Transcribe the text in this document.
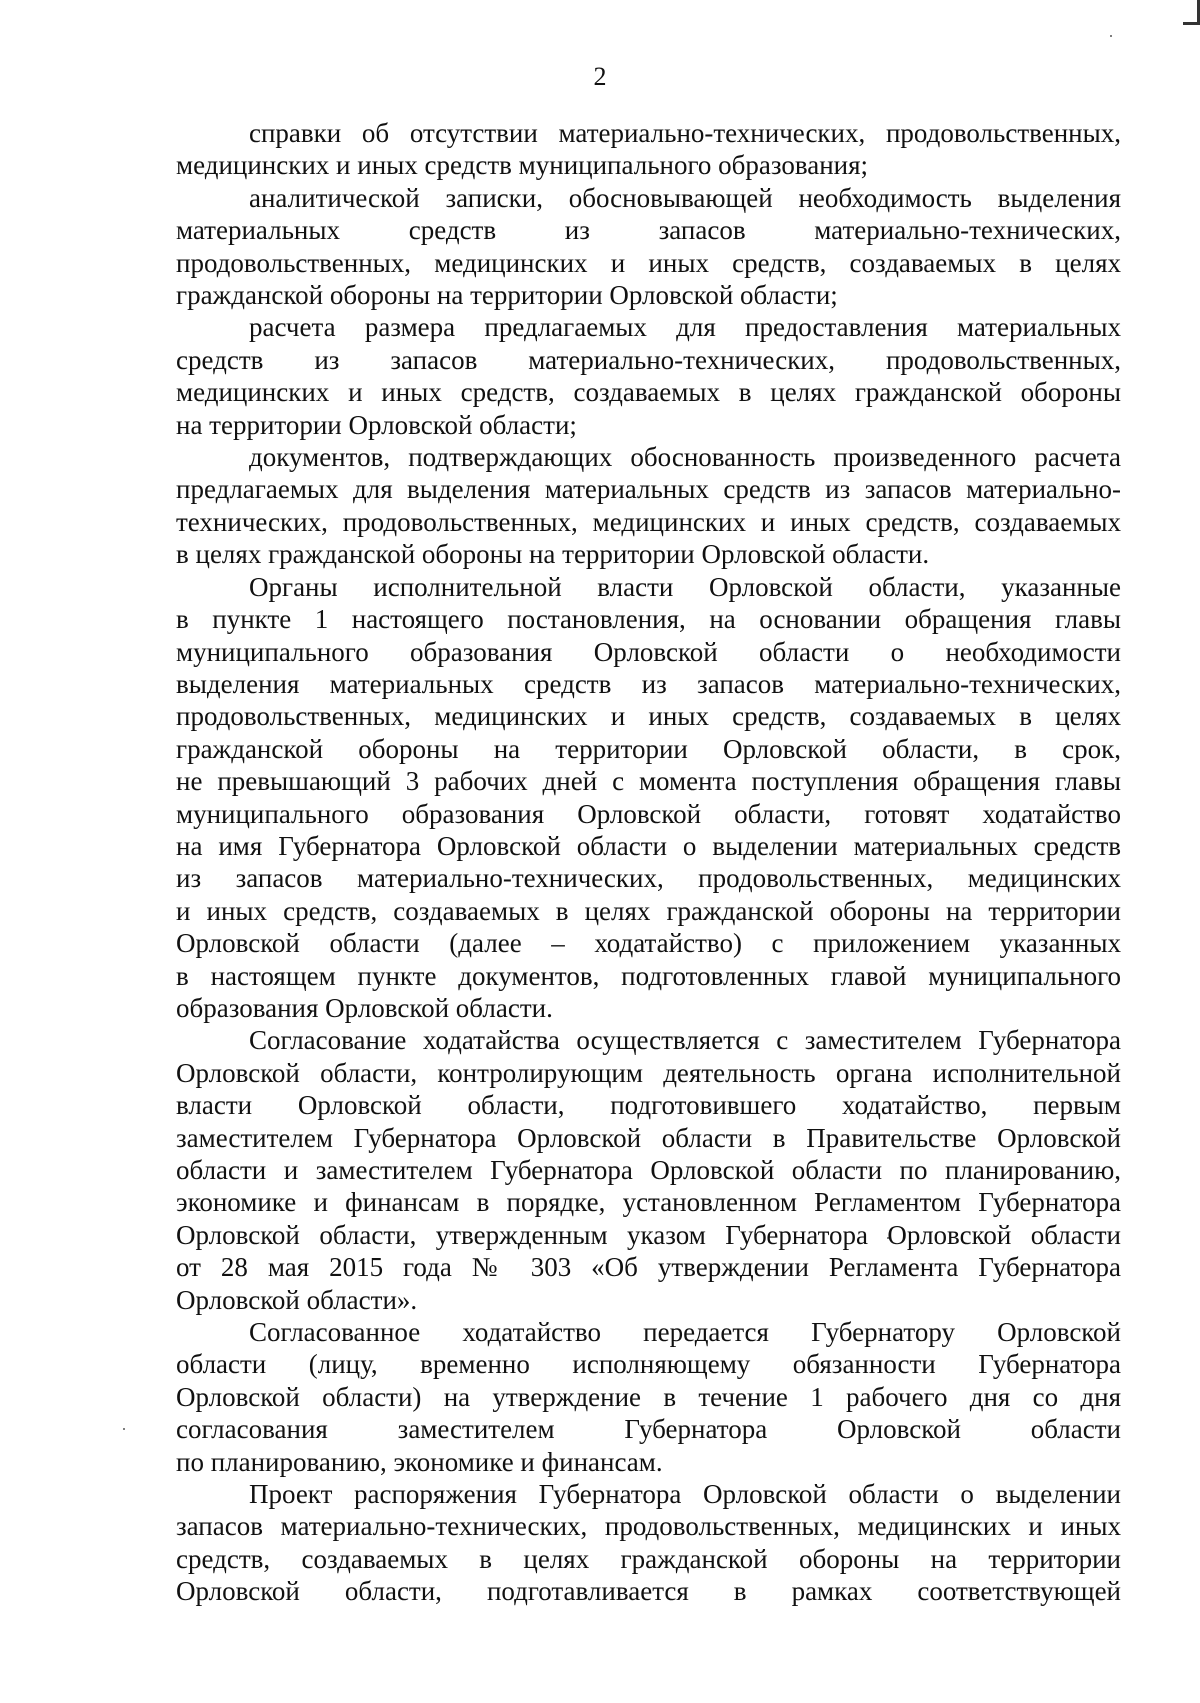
2
справки об отсутствии материально-технических, продовольственных,
медицинских и иных средств муниципального образования;
аналитической записки, обосновывающей необходимость выделения
материальных средств из запасов материально-технических,
продовольственных, медицинских и иных средств, создаваемых в целях
гражданской обороны на территории Орловской области;
расчета размера предлагаемых для предоставления материальных
средств из запасов материально-технических, продовольственных,
медицинских и иных средств, создаваемых в целях гражданской обороны
на территории Орловской области;
документов, подтверждающих обоснованность произведенного расчета
предлагаемых для выделения материальных средств из запасов материально-
технических, продовольственных, медицинских и иных средств, создаваемых
в целях гражданской обороны на территории Орловской области.
Органы исполнительной власти Орловской области, указанные
в пункте 1 настоящего постановления, на основании обращения главы
муниципального образования Орловской области о необходимости
выделения материальных средств из запасов материально-технических,
продовольственных, медицинских и иных средств, создаваемых в целях
гражданской обороны на территории Орловской области, в срок,
не превышающий 3 рабочих дней с момента поступления обращения главы
муниципального образования Орловской области, готовят ходатайство
на имя Губернатора Орловской области о выделении материальных средств
из запасов материально-технических, продовольственных, медицинских
и иных средств, создаваемых в целях гражданской обороны на территории
Орловской области (далее – ходатайство) с приложением указанных
в настоящем пункте документов, подготовленных главой муниципального
образования Орловской области.
Согласование ходатайства осуществляется с заместителем Губернатора
Орловской области, контролирующим деятельность органа исполнительной
власти Орловской области, подготовившего ходатайство, первым
заместителем Губернатора Орловской области в Правительстве Орловской
области и заместителем Губернатора Орловской области по планированию,
экономике и финансам в порядке, установленном Регламентом Губернатора
Орловской области, утвержденным указом Губернатора Орловской области
от 28 мая 2015 года № 303 «Об утверждении Регламента Губернатора
Орловской области».
Согласованное ходатайство передается Губернатору Орловской
области (лицу, временно исполняющему обязанности Губернатора
Орловской области) на утверждение в течение 1 рабочего дня со дня
согласования заместителем Губернатора Орловской области
по планированию, экономике и финансам.
Проект распоряжения Губернатора Орловской области о выделении
запасов материально-технических, продовольственных, медицинских и иных
средств, создаваемых в целях гражданской обороны на территории
Орловской области, подготавливается в рамках соответствующей
